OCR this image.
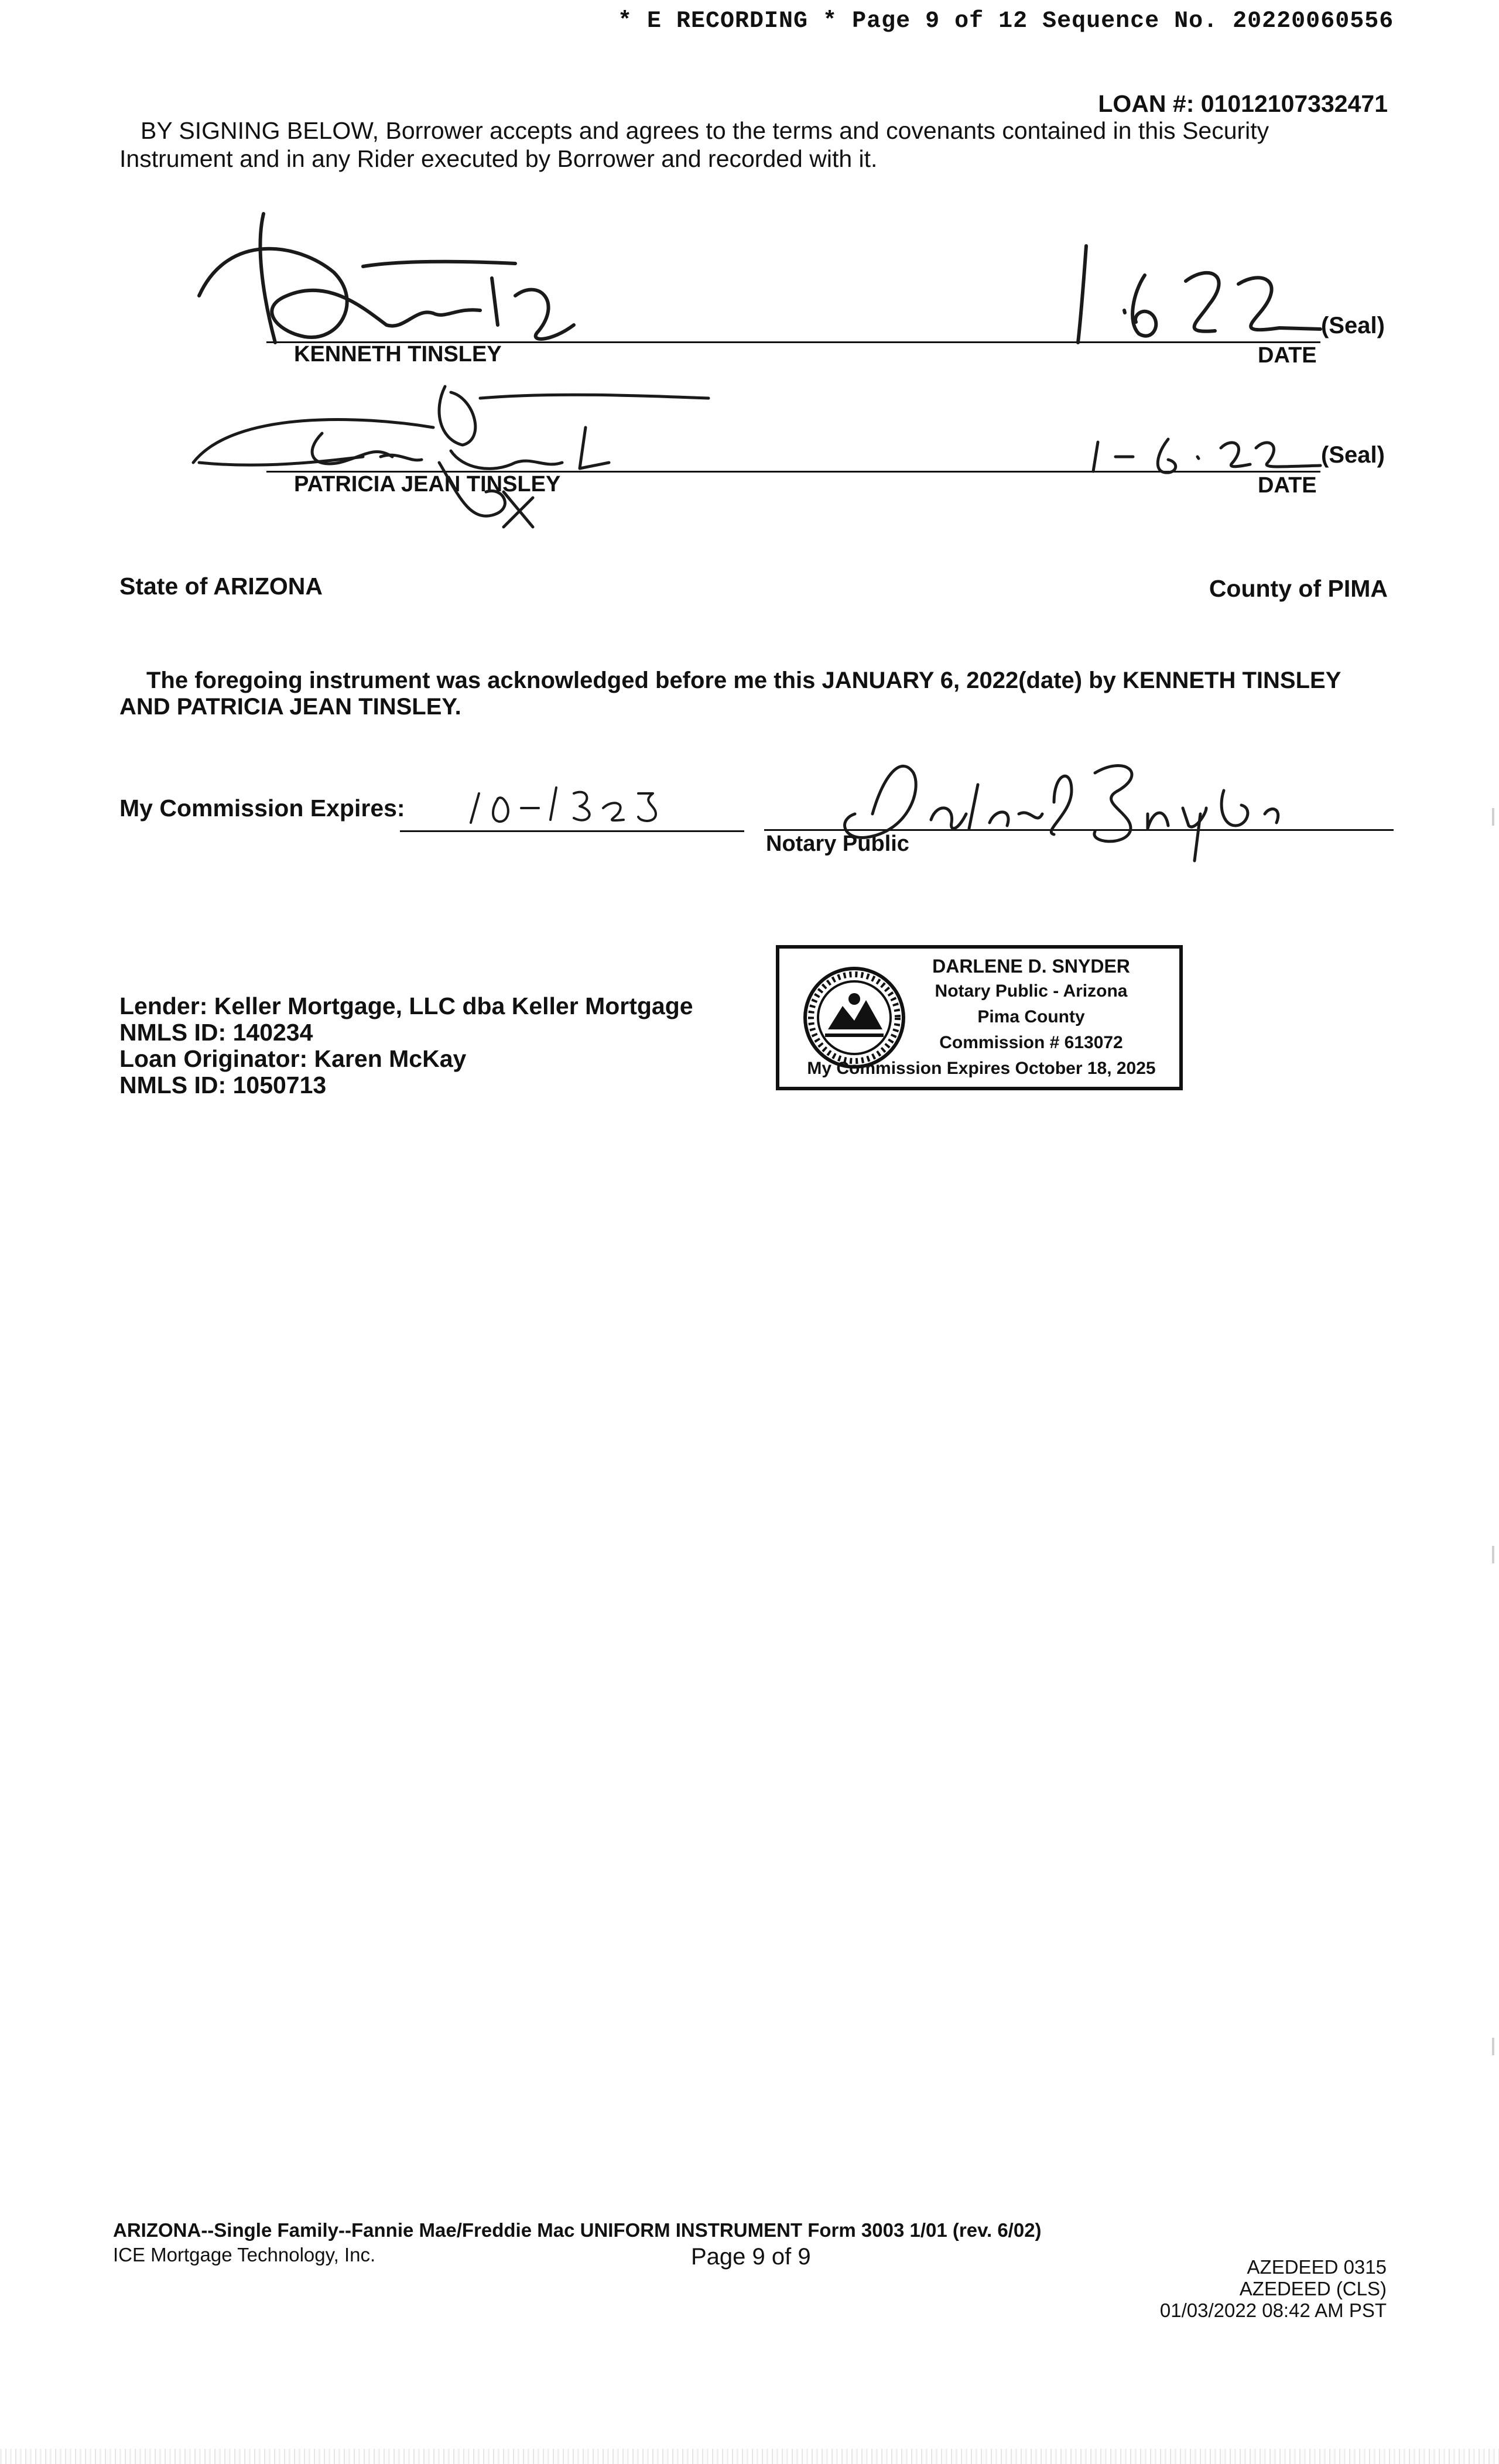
* E RECORDING * Page 9 of 12 Sequence No. 20220060556
LOAN #: 01012107332471
BY SIGNING BELOW, Borrower accepts and agrees to the terms and covenants contained in this Security
Instrument and in any Rider executed by Borrower and recorded with it.
KENNETH TINSLEY	DATE
(Seal)
PATRICIA JEAN TINSLEY	DATE
(Seal)
State of ARIZONA	County of PIMA
The foregoing instrument was acknowledged before me this JANUARY 6, 2022(date) by KENNETH TINSLEY
AND PATRICIA JEAN TINSLEY.
My Commission Expires:
Notary Public
Lender: Keller Mortgage, LLC dba Keller Mortgage
NMLS ID: 140234
Loan Originator: Karen McKay
NMLS ID: 1050713
DARLENE D. SNYDER
Notary Public - Arizona
Pima County
Commission # 613072
My Commission Expires October 18, 2025
ARIZONA--Single Family--Fannie Mae/Freddie Mac UNIFORM INSTRUMENT Form 3003 1/01 (rev. 6/02)
ICE Mortgage Technology, Inc.	Page 9 of 9	AZEDEED 0315
AZEDEED (CLS)
01/03/2022 08:42 AM PST
